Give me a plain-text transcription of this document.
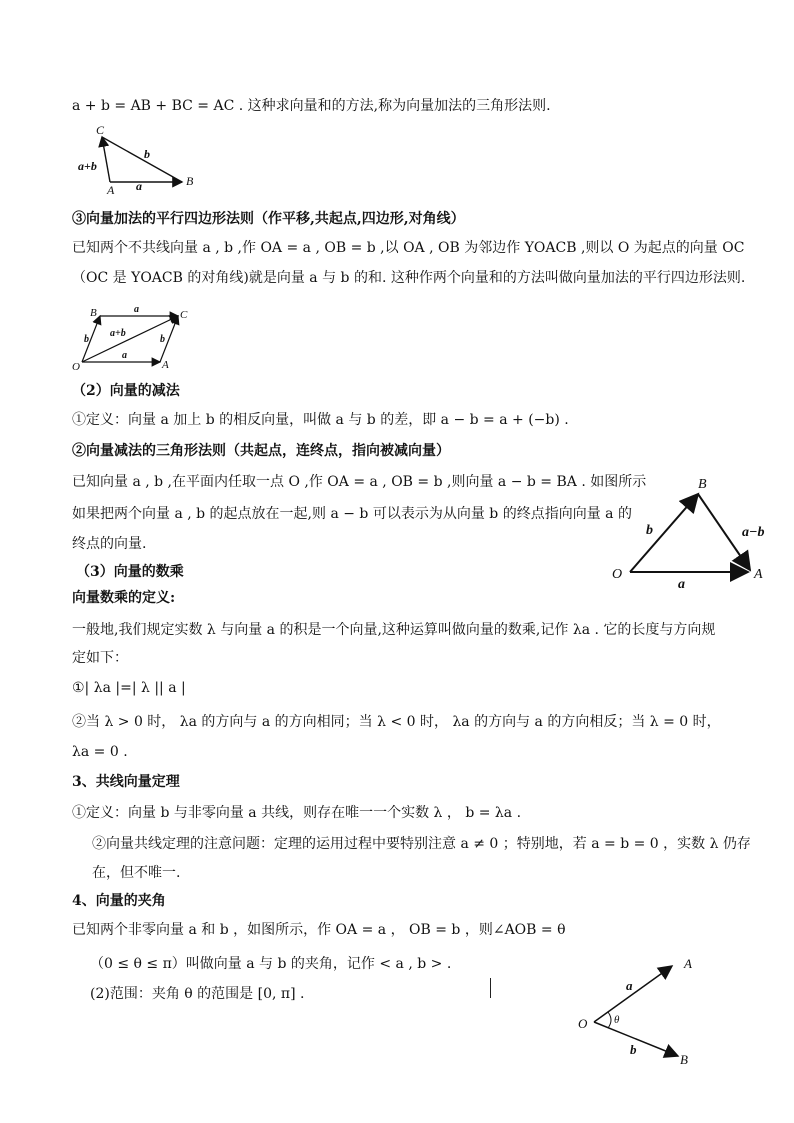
a + b = AB + BC = AC . 这种求向量和的方法,称为向量加法的三角形法则.
C
A
B
a+b
a
b
③向量加法的平行四边形法则（作平移,共起点,四边形,对角线）
已知两个不共线向量 a , b ,作 OA = a , OB = b ,以 OA , OB 为邻边作 YOACB ,则以 O 为起点的向量 OC
（OC 是 YOACB 的对角线)就是向量 a 与 b 的和. 这种作两个向量和的方法叫做向量加法的平行四边形法则.
B	C
O	A
a
a
b	b
a+b
（2）向量的减法
①定义：向量 a 加上 b 的相反向量，叫做 a 与 b 的差，即 a − b = a + (−b) .
②向量减法的三角形法则（共起点，连终点，指向被减向量）
已知向量 a , b ,在平面内任取一点 O ,作 OA = a , OB = b ,则向量 a − b = BA . 如图所示
如果把两个向量 a , b 的起点放在一起,则 a − b 可以表示为从向量 b 的终点指向向量 a 的
终点的向量.
B
O	A
a
b	a−b
（3）向量的数乘
向量数乘的定义:
一般地,我们规定实数 λ 与向量 a 的积是一个向量,这种运算叫做向量的数乘,记作 λa . 它的长度与方向规
定如下：
①| λa |=| λ || a |
②当 λ > 0 时， λa 的方向与 a 的方向相同；当 λ < 0 时， λa 的方向与 a 的方向相反；当 λ = 0 时，
λa = 0 .
3、共线向量定理
①定义：向量 b 与非零向量 a 共线，则存在唯一一个实数 λ ， b = λa .
②向量共线定理的注意问题：定理的运用过程中要特别注意 a ≠ 0 ；特别地，若 a = b = 0 ，实数 λ 仍存
在，但不唯一.
4、向量的夹角
已知两个非零向量 a 和 b ，如图所示，作 OA = a ， OB = b ，则∠AOB = θ
（0 ≤ θ ≤ π）叫做向量 a 与 b 的夹角，记作 < a , b > .
(2)范围：夹角 θ 的范围是 [0, π] .
O
A
B
a
b
θ
